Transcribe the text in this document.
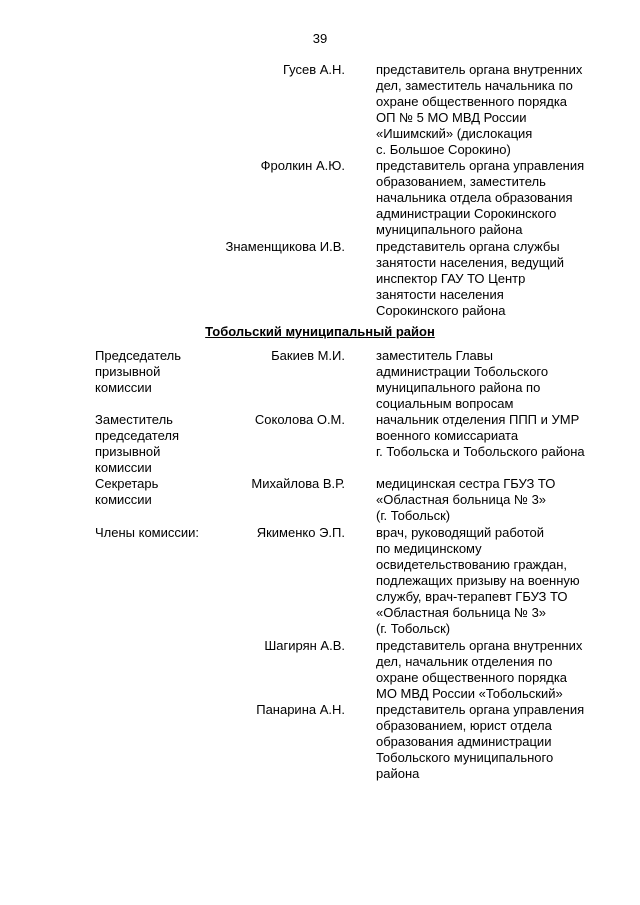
39
Гусев А.Н. представитель органа внутренних
дел, заместитель начальника по
охране общественного порядка
ОП № 5 МО МВД России
«Ишимский» (дислокация
с. Большое Сорокино)
Фролкин А.Ю. представитель органа управления
образованием, заместитель
начальника отдела образования
администрации Сорокинского
муниципального района
Знаменщикова И.В. представитель органа службы
занятости населения, ведущий
инспектор ГАУ ТО Центр
занятости населения
Сорокинского района
Тобольский муниципальный район
Председатель
призывной
комиссии
Бакиев М.И. заместитель Главы
администрации Тобольского
муниципального района по
социальным вопросам
Заместитель
председателя
призывной
комиссии
Соколова О.М. начальник отделения ППП и УМР
военного комиссариата
г. Тобольска и Тобольского района
Секретарь
комиссии
Михайлова В.Р. медицинская сестра ГБУЗ ТО
«Областная больница № 3»
(г. Тобольск)
Члены комиссии:	Якименко Э.П. врач, руководящий работой
по медицинскому
освидетельствованию граждан,
подлежащих призыву на военную
службу, врач-терапевт ГБУЗ ТО
«Областная больница № 3»
(г. Тобольск)
Шагирян А.В. представитель органа внутренних
дел, начальник отделения по
охране общественного порядка
МО МВД России «Тобольский»
Панарина А.Н. представитель органа управления
образованием, юрист отдела
образования администрации
Тобольского муниципального
района
